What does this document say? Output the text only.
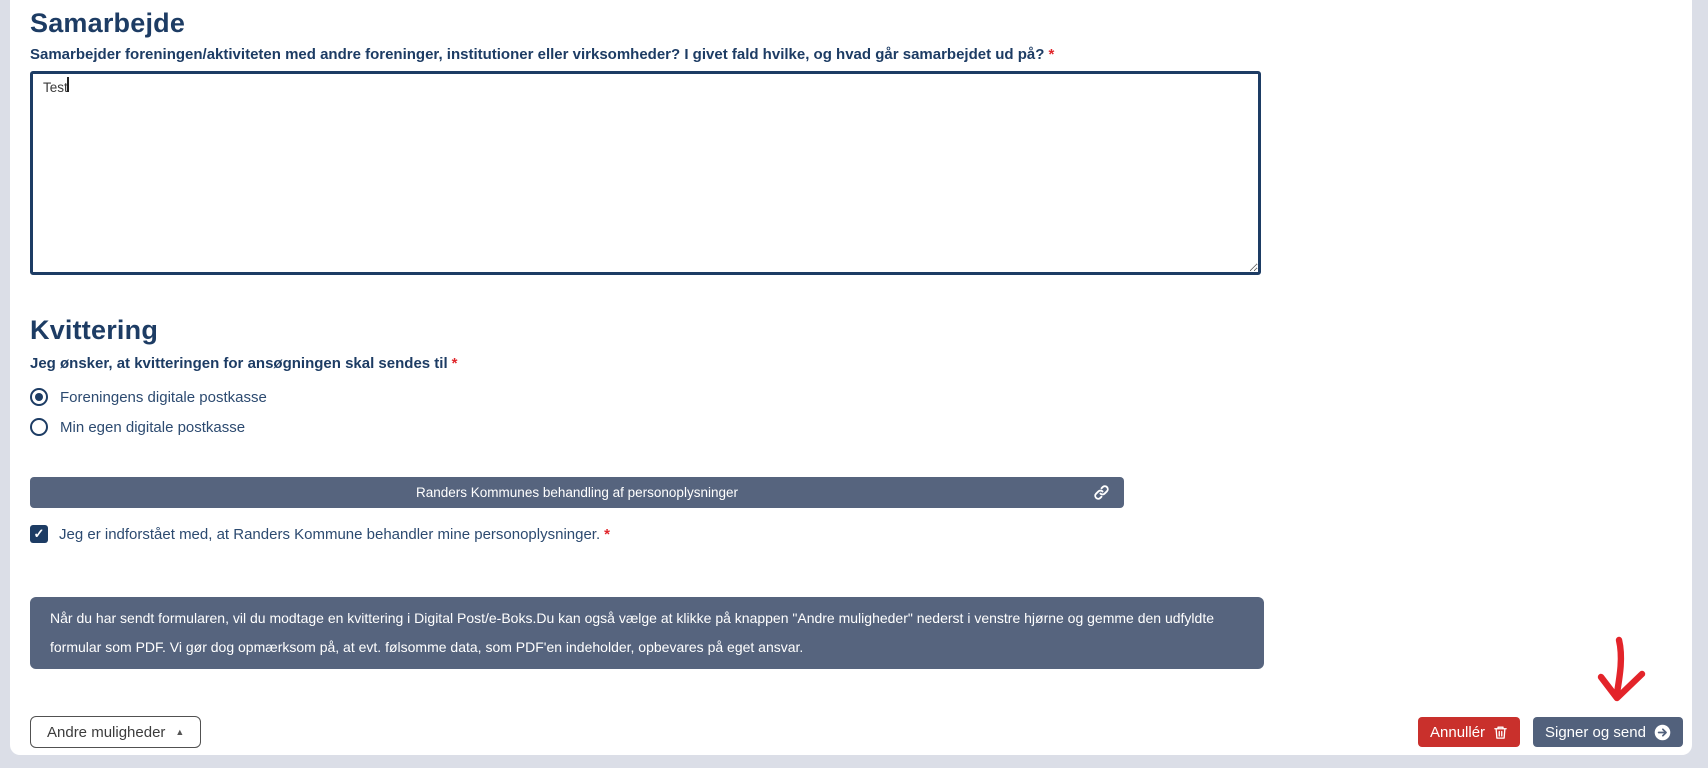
Samarbejde
Samarbejder foreningen/aktiviteten med andre foreninger, institutioner eller virksomheder? I givet fald hvilke, og hvad går samarbejdet ud på? *
Test
Kvittering
Jeg ønsker, at kvitteringen for ansøgningen skal sendes til *
Foreningens digitale postkasse
Min egen digitale postkasse
Randers Kommunes behandling af personoplysninger
✓ Jeg er indforstået med, at Randers Kommune behandler mine personoplysninger. *
Når du har sendt formularen, vil du modtage en kvittering i Digital Post/e-Boks.Du kan også vælge at klikke på knappen "Andre muligheder" nederst i venstre hjørne og gemme den udfyldte formular som PDF. Vi gør dog opmærksom på, at evt. følsomme data, som PDF'en indeholder, opbevares på eget ansvar.
Andre muligheder ▲	Annullér	Signer og send
